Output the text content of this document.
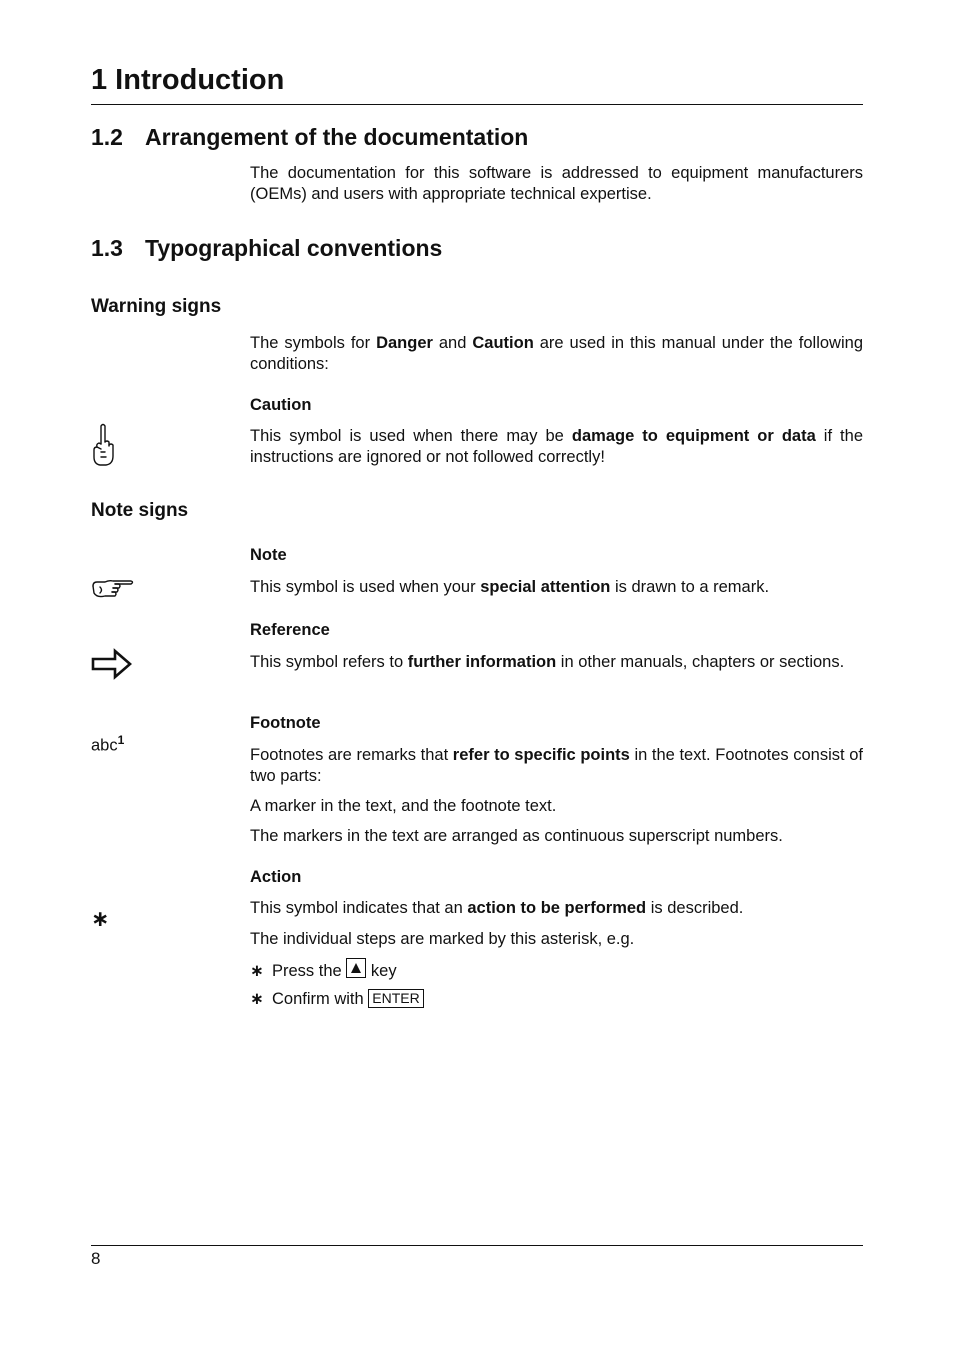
1 Introduction
1.2 Arrangement of the documentation

The documentation for this software is addressed to equipment manufacturers (OEMs) and users with appropriate technical expertise.

1.3 Typographical conventions
Warning signs

The symbols for Danger and Caution are used in this manual under the following conditions:

Caution

This symbol is used when there may be damage to equipment or data if the instructions are ignored or not followed correctly!

Note signs

Note

This symbol is used when your special attention is drawn to a remark.

Reference

This symbol refers to further information in other manuals, chapters or sections.

Footnote

abc$^1$

Footnotes are remarks that refer to specific points in the text. Footnotes consist of two parts:

A marker in the text, and the footnote text.

The markers in the text are arranged as continuous superscript numbers.

Action

∗	This symbol indicates that an action to be performed is described.

The individual steps are marked by this asterisk, e.g.

∗ Press the key
∗ Confirm with ENTER
8
